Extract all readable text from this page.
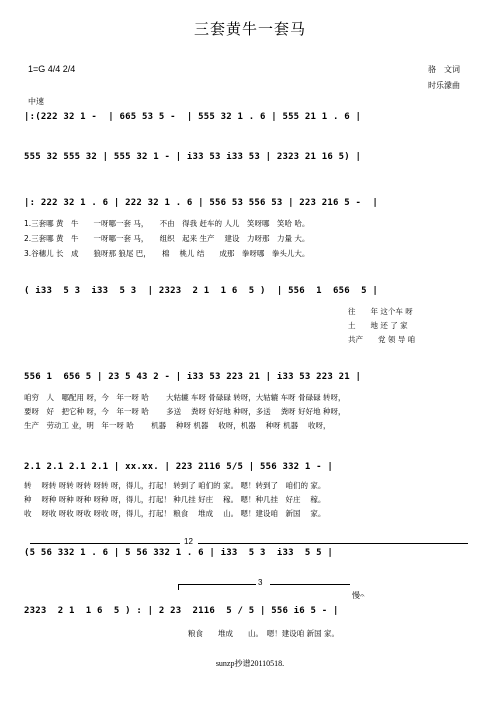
三套黄牛一套马
1=G 4/4 2/4
中速
骆　文词
时乐濛曲
|:(222 32 1 -  | 665 53 5 -  | 555 32 1 . 6 | 555 21 1 . 6 |
555 32 555 32 | 555 32 1 - | i33 53 i33 53 | 2323 21 16 5) |
|: 222 32 1 . 6 | 222 32 1 . 6 | 556 53 556 53 | 223 216 5 -  |
1.三套哪 黄　牛　　一呀哪一套 马，　　不由　得我 赶车的 人儿　笑呀哪　笑哈 哈。
2.三套哪 黄　牛　　一呀哪一套 马，　　组织　起来 生产　 建设　力呀那　力量 大。
3.谷穗儿 长　成　　狼呀那 狼尾 巴，　　棉　 桃儿 结　　成那　拳呀哪　拳头儿大。
( i33  5 3  i33  5 3  | 2323  2 1  1 6  5 )  | 556  1  656  5 |
往　　年 这个车 呀
土　　地 还 了 家
共产　　党 领 导 咱
556 1  656 5 | 23 5 43 2 - | i33 53 223 21 | i33 53 223 21 |
咱穷　人　哪配用 呀，今　年一呀 哈　　 大轱辘 车呀 骨碌碌 转呀，大轱辘 车呀 骨碌碌 转呀，
要呀　好　把它种 呀，今　年一呀 哈　　 多送　 粪呀 好好地 种呀，多送　 粪呀 好好地 种呀，
生产　劳动工 业，明　年一呀 哈　　 机器　 种呀 机器　 收呀，机器　 种呀 机器　 收呀，
2.1 2.1 2.1 2.1 | xx.xx. | 223 2116 5/5 | 556 332 1 - |
转　 呀转 呀转 呀转 呀转 呀，得儿，打起！ 转到了 咱们的 家。 嗯！转到了　咱们的 家。
种　 呀种 呀种 呀种 呀种 呀，得儿，打起！ 种几挂 好庄　 稼。 嗯！种几挂　好庄　 稼。
收　 呀收 呀收 呀收 呀收 呀，得儿，打起！ 粮食　 堆成　 山。 嗯！建设咱　新国　 家。
12
(5 56 332 1 . 6 | 5 56 332 1 . 6 | i33  5 3  i33  5 5 |
3
慢𝄐
2323  2 1  1 6  5 ) : | 2 23  2116  5 / 5 | 556 i6 5 - |
粮食　　堆成　　山。　嗯！建设咱 新国 家。
sunzp抄谱20110518.
